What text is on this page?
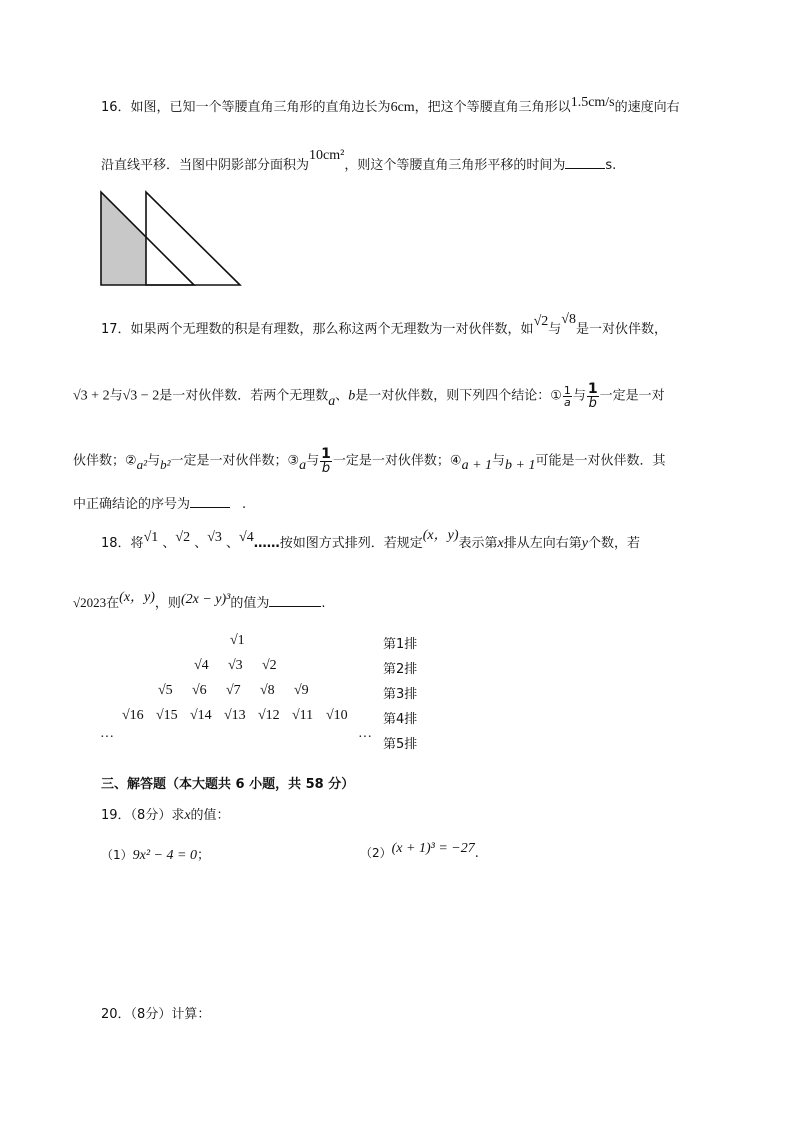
16．如图，已知一个等腰直角三角形的直角边长为6cm，把这个等腰直角三角形以1.5cm/s的速度向右
沿直线平移．当图中阴影部分面积为10cm²，则这个等腰直角三角形平移的时间为	s.
17．如果两个无理数的积是有理数，那么称这两个无理数为一对伙伴数，如√2与√8是一对伙伴数，
√3 + 2与√3 − 2是一对伙伴数．若两个无理数a、b是一对伙伴数，则下列四个结论：① $\frac{1}{a}$ 与 $\frac{1}{b}$ 一定是一对
伙伴数；②a²与b²一定是一对伙伴数；③a与 $\frac{1}{b}$ 一定是一对伙伴数；④a + 1与b + 1可能是一对伙伴数．其
中正确结论的序号为	.
18．将√1 、√2 、√3 、√4……按如图方式排列．若规定(x，y)表示第x排从左向右第y个数，若
√2023在(x，y)，则(2x − y)³的值为	.
√1
√4 √3 √2
√5 √6 √7 √8 √9
√16 √15 √14 √13 √12 √11 √10
···	···
第1排
第2排
第3排
第4排
第5排
三、解答题（本大题共 6 小题，共 58 分）
19．（8分）求x的值：
（1）9x² − 4 = 0；	（2）(x + 1)³ = −27.
20．（8分）计算：
